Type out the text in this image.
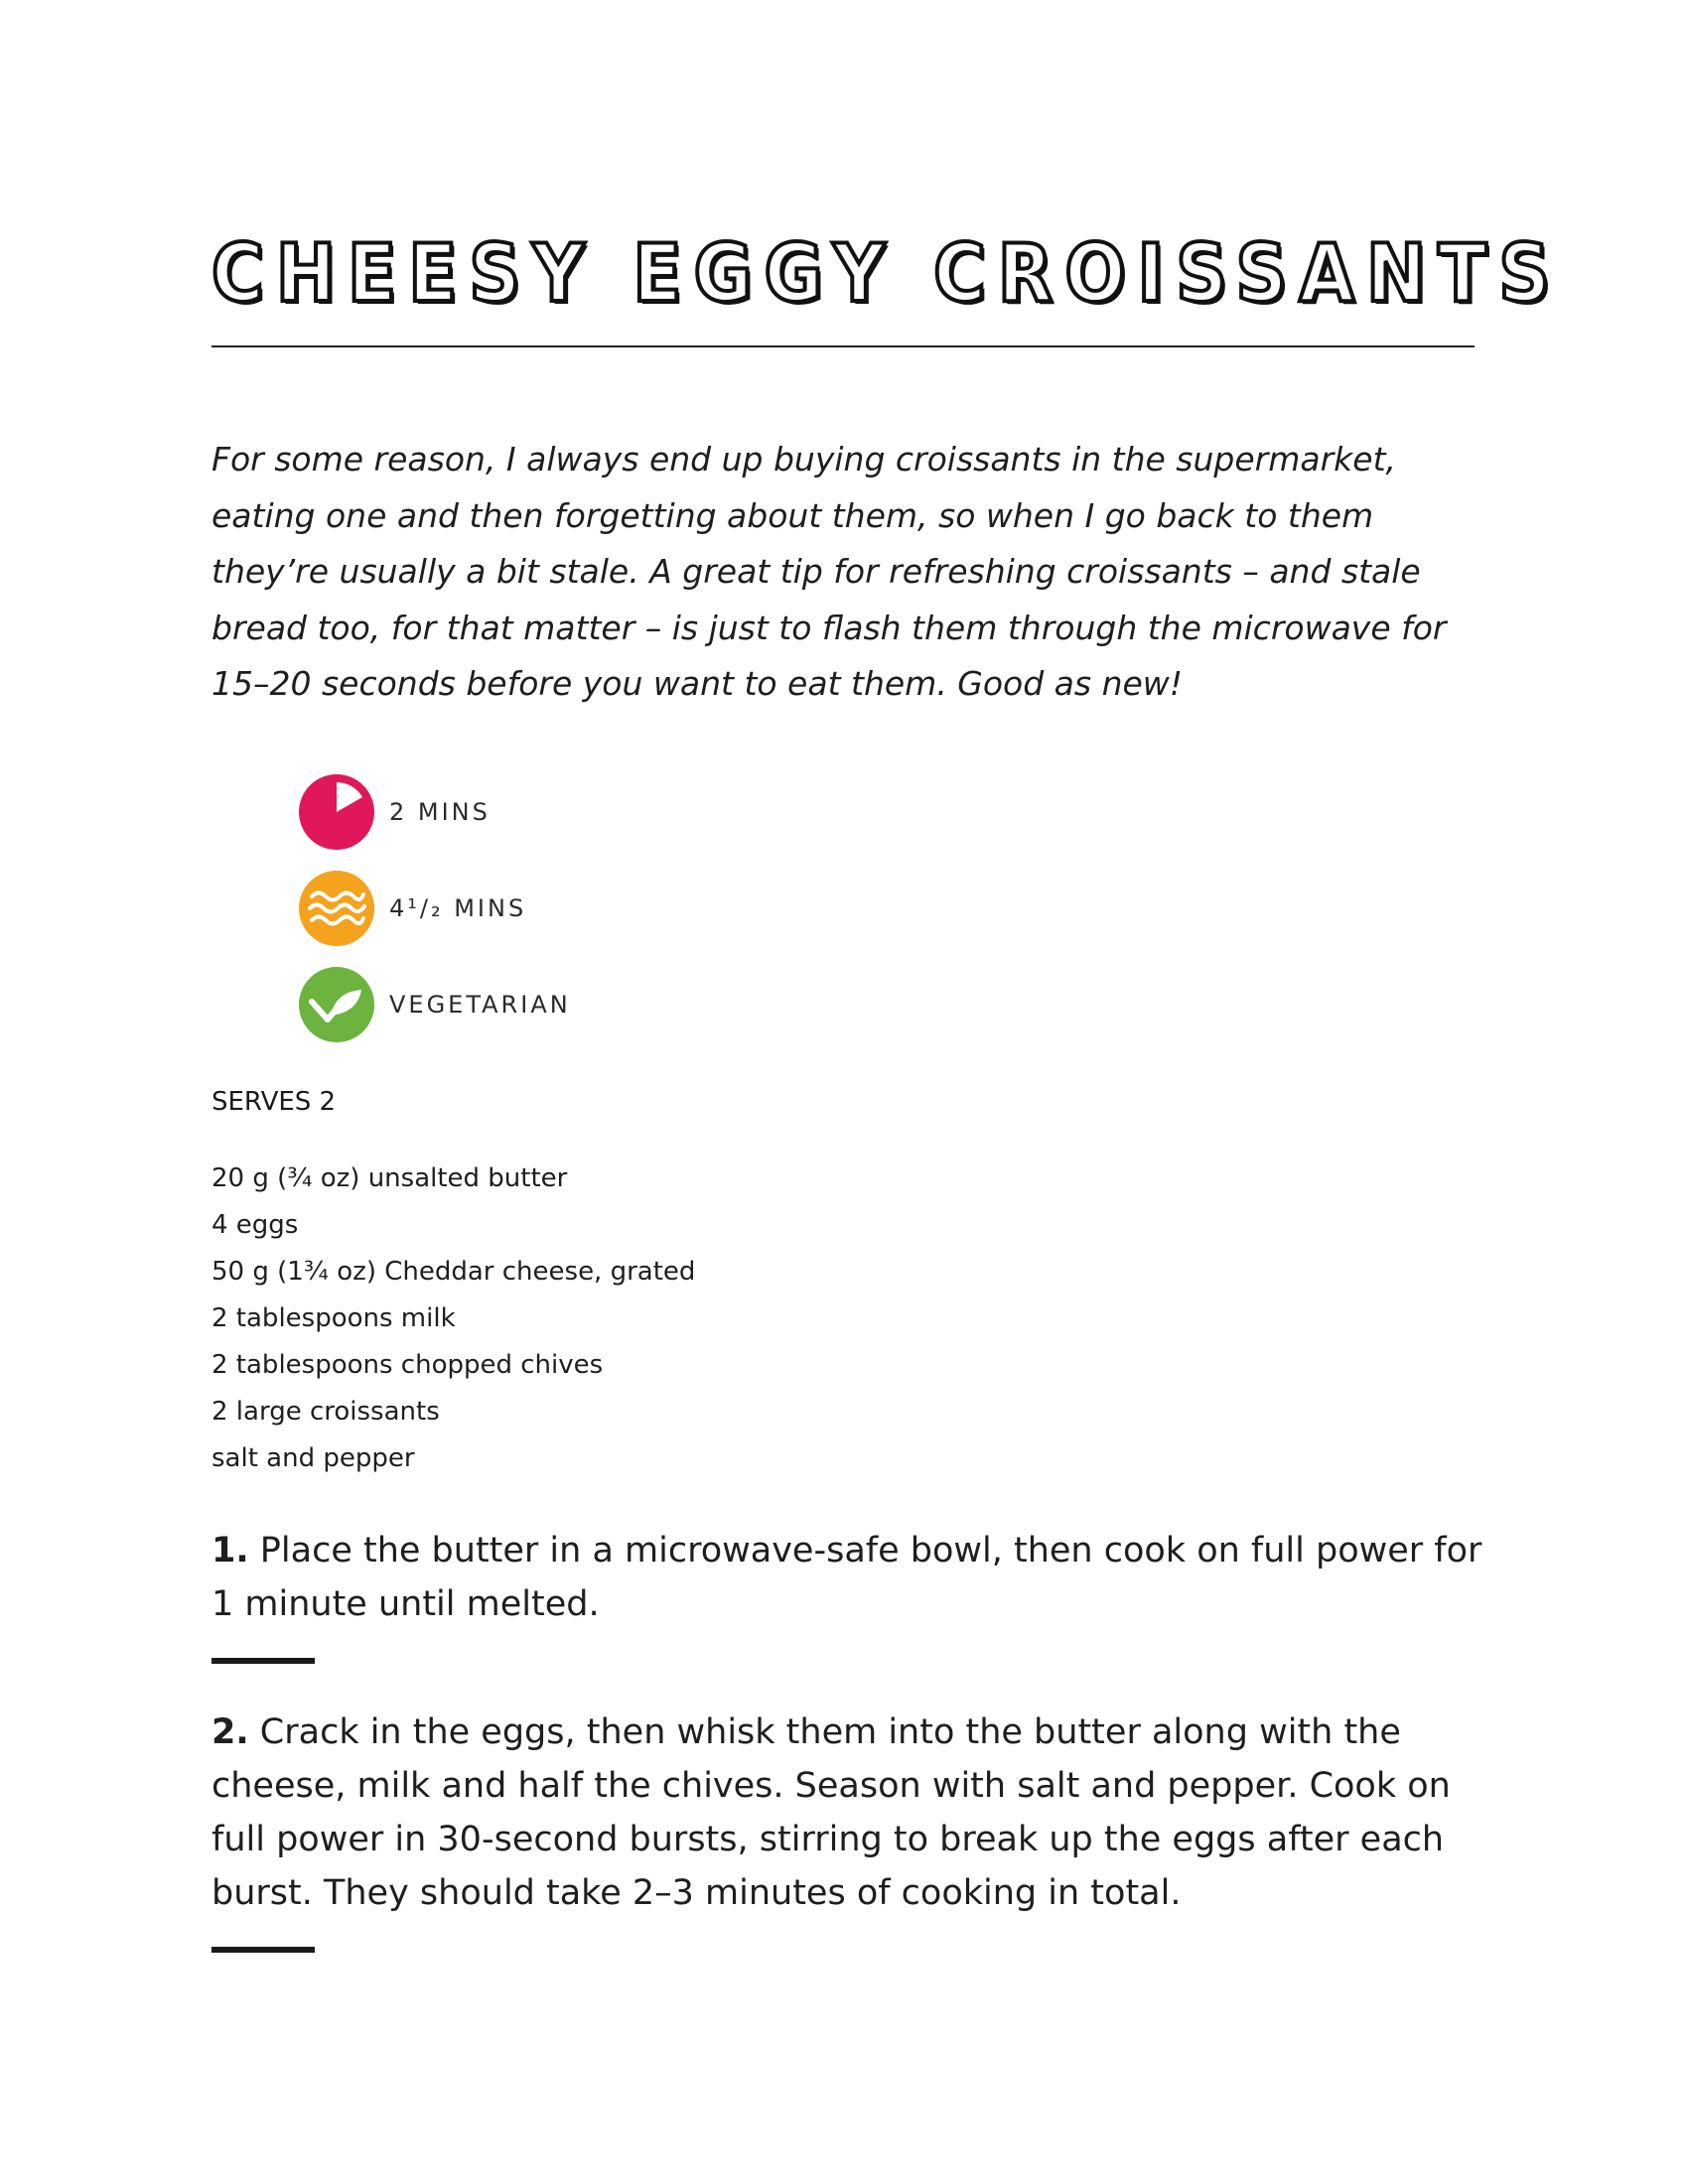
CHEESY EGGY CROISSANTS

For some reason, I always end up buying croissants in the supermarket, eating one and then forgetting about them, so when I go back to them they’re usually a bit stale. A great tip for refreshing croissants – and stale bread too, for that matter – is just to flash them through the microwave for 15–20 seconds before you want to eat them. Good as new!

2 MINS
4¹/₂ MINS
VEGETARIAN

SERVES 2

20 g (¾ oz) unsalted butter
4 eggs
50 g (1¾ oz) Cheddar cheese, grated
2 tablespoons milk
2 tablespoons chopped chives
2 large croissants
salt and pepper

1. Place the butter in a microwave-safe bowl, then cook on full power for 1 minute until melted.

2. Crack in the eggs, then whisk them into the butter along with the cheese, milk and half the chives. Season with salt and pepper. Cook on full power in 30-second bursts, stirring to break up the eggs after each burst. They should take 2–3 minutes of cooking in total.
